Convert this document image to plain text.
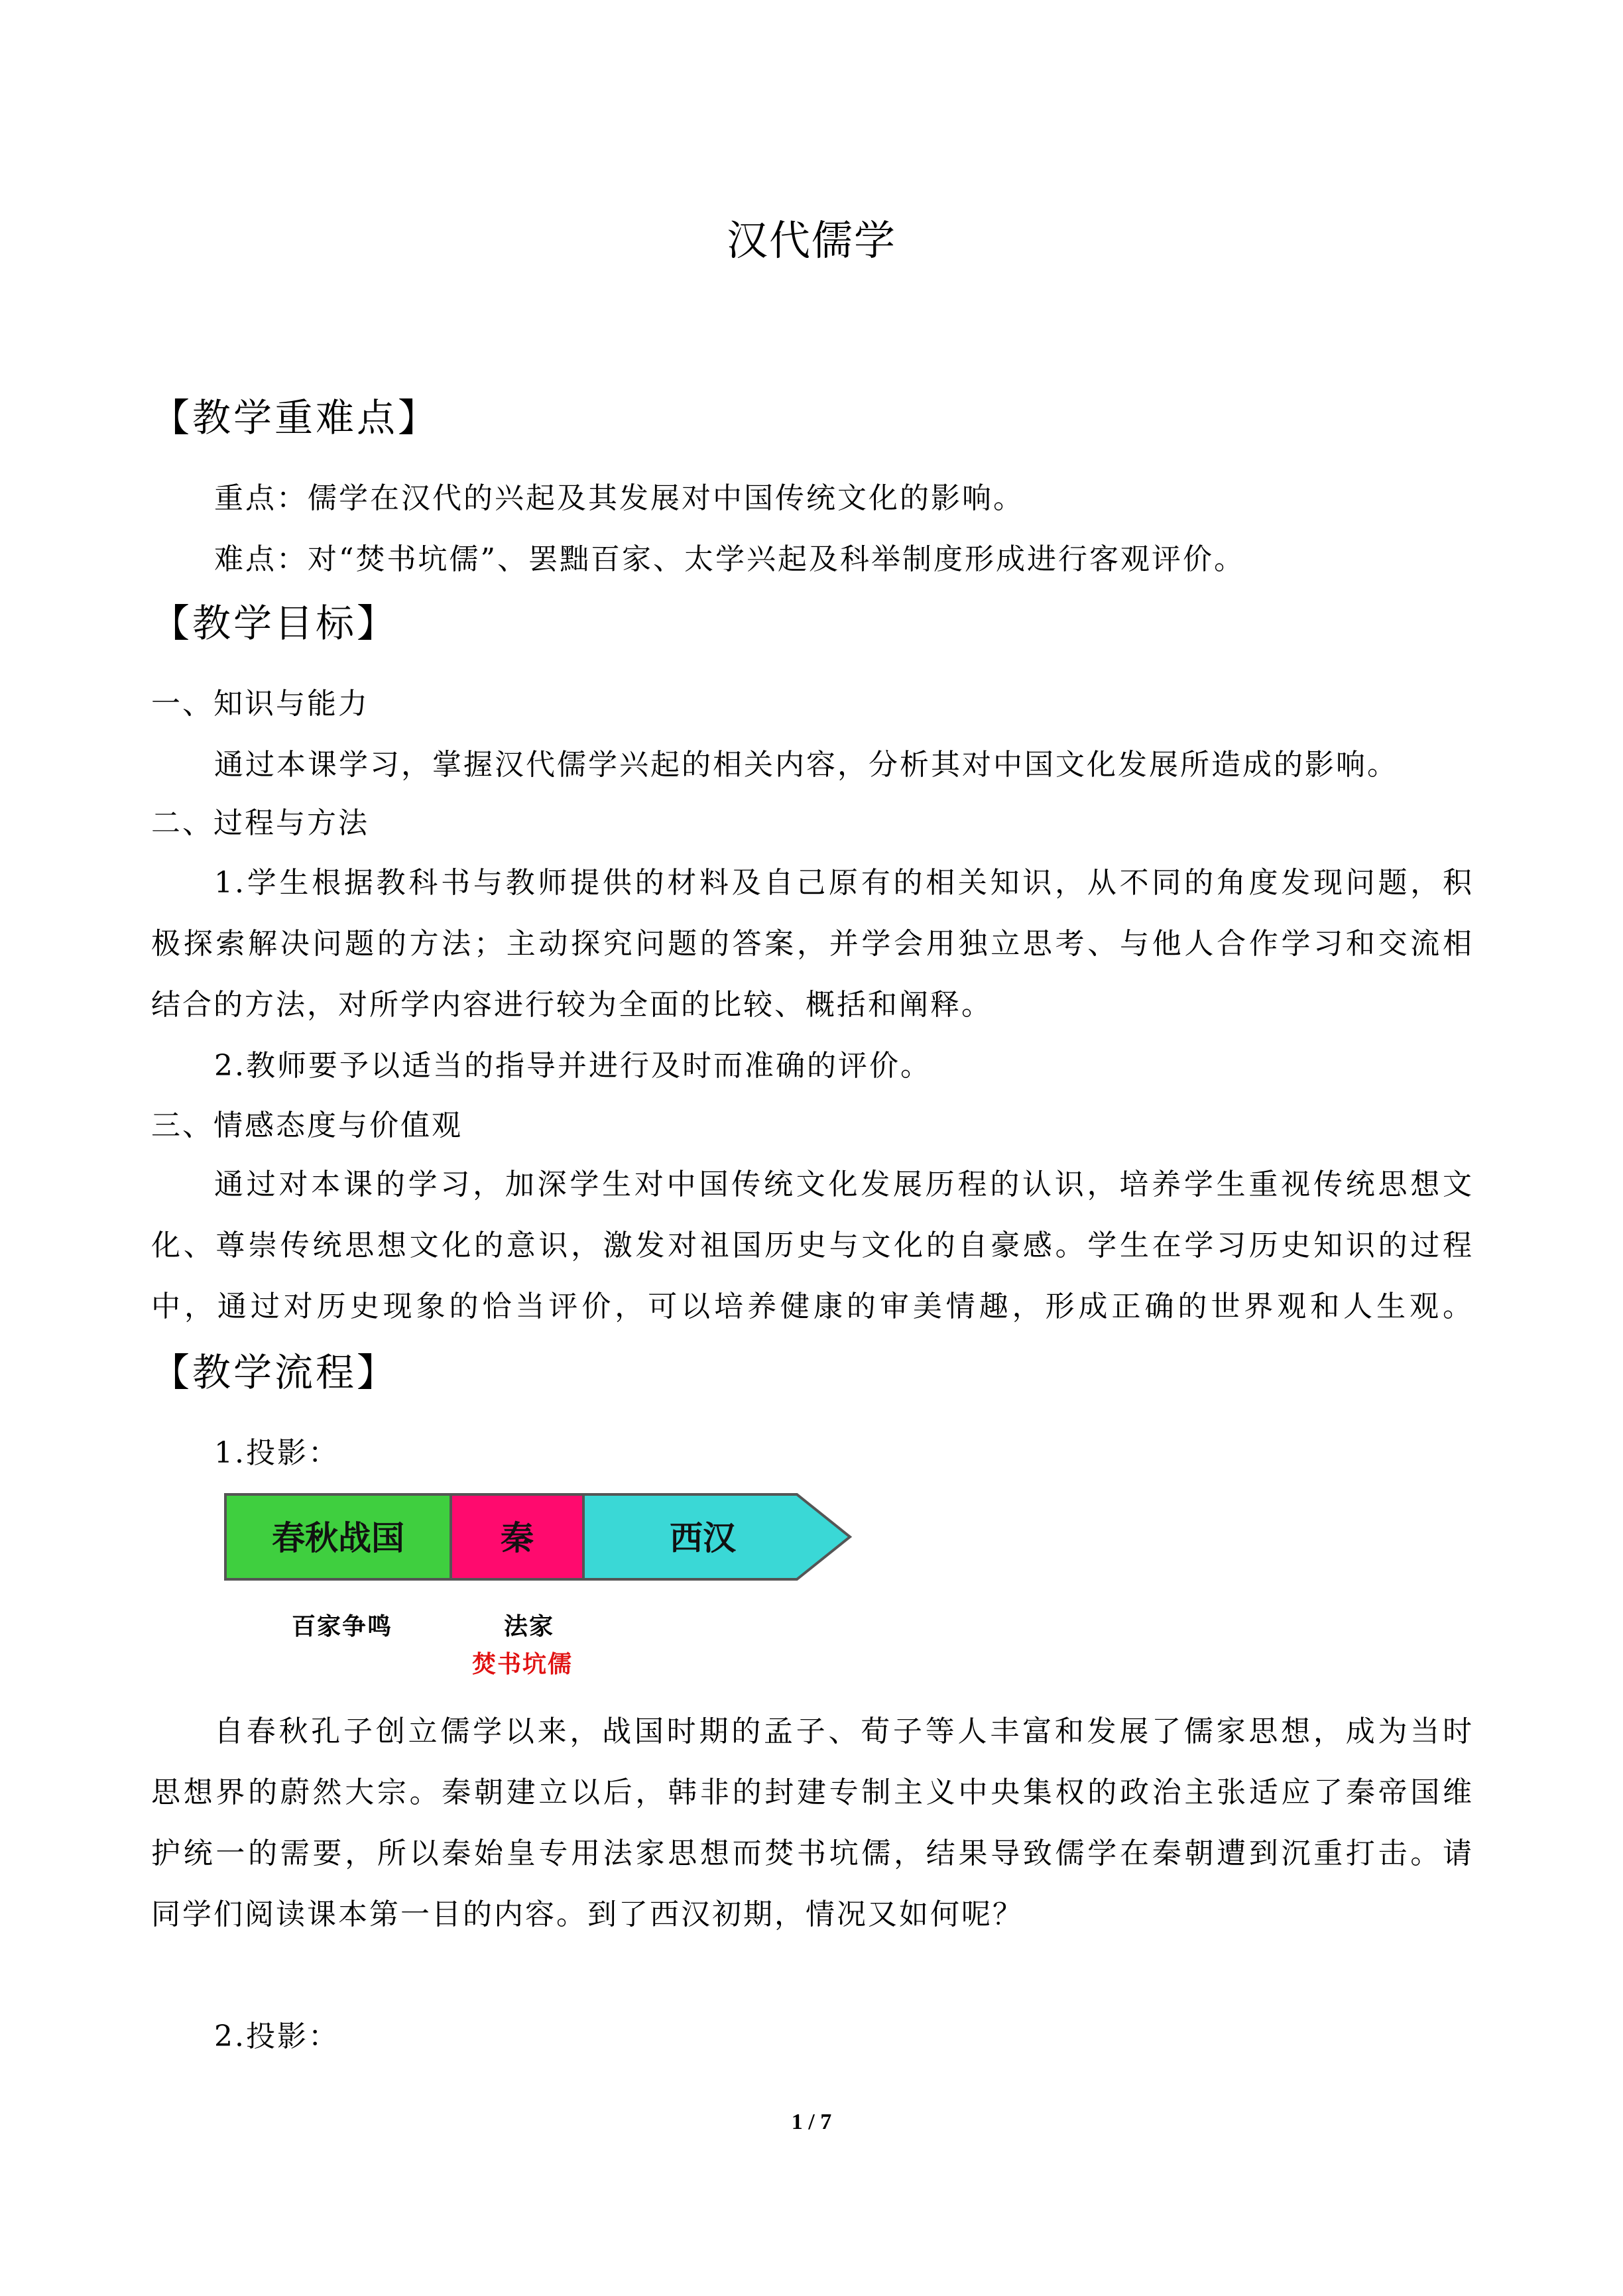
汉代儒学
【教学重难点】
重点：儒学在汉代的兴起及其发展对中国传统文化的影响。
难点：对“焚书坑儒”、罢黜百家、太学兴起及科举制度形成进行客观评价。
【教学目标】
一、知识与能力
通过本课学习，掌握汉代儒学兴起的相关内容，分析其对中国文化发展所造成的影响。
二、过程与方法
1.学生根据教科书与教师提供的材料及自己原有的相关知识，从不同的角度发现问题，积
极探索解决问题的方法；主动探究问题的答案，并学会用独立思考、与他人合作学习和交流相
结合的方法，对所学内容进行较为全面的比较、概括和阐释。
2.教师要予以适当的指导并进行及时而准确的评价。
三、情感态度与价值观
通过对本课的学习，加深学生对中国传统文化发展历程的认识，培养学生重视传统思想文
化、尊崇传统思想文化的意识，激发对祖国历史与文化的自豪感。学生在学习历史知识的过程
中，通过对历史现象的恰当评价，可以培养健康的审美情趣，形成正确的世界观和人生观。
【教学流程】
1.投影：
春秋战国	秦	西汉
百家争鸣	法家
焚书坑儒
自春秋孔子创立儒学以来，战国时期的孟子、荀子等人丰富和发展了儒家思想，成为当时
思想界的蔚然大宗。秦朝建立以后，韩非的封建专制主义中央集权的政治主张适应了秦帝国维
护统一的需要，所以秦始皇专用法家思想而焚书坑儒，结果导致儒学在秦朝遭到沉重打击。请
同学们阅读课本第一目的内容。到了西汉初期，情况又如何呢？
2.投影：
1 / 7
